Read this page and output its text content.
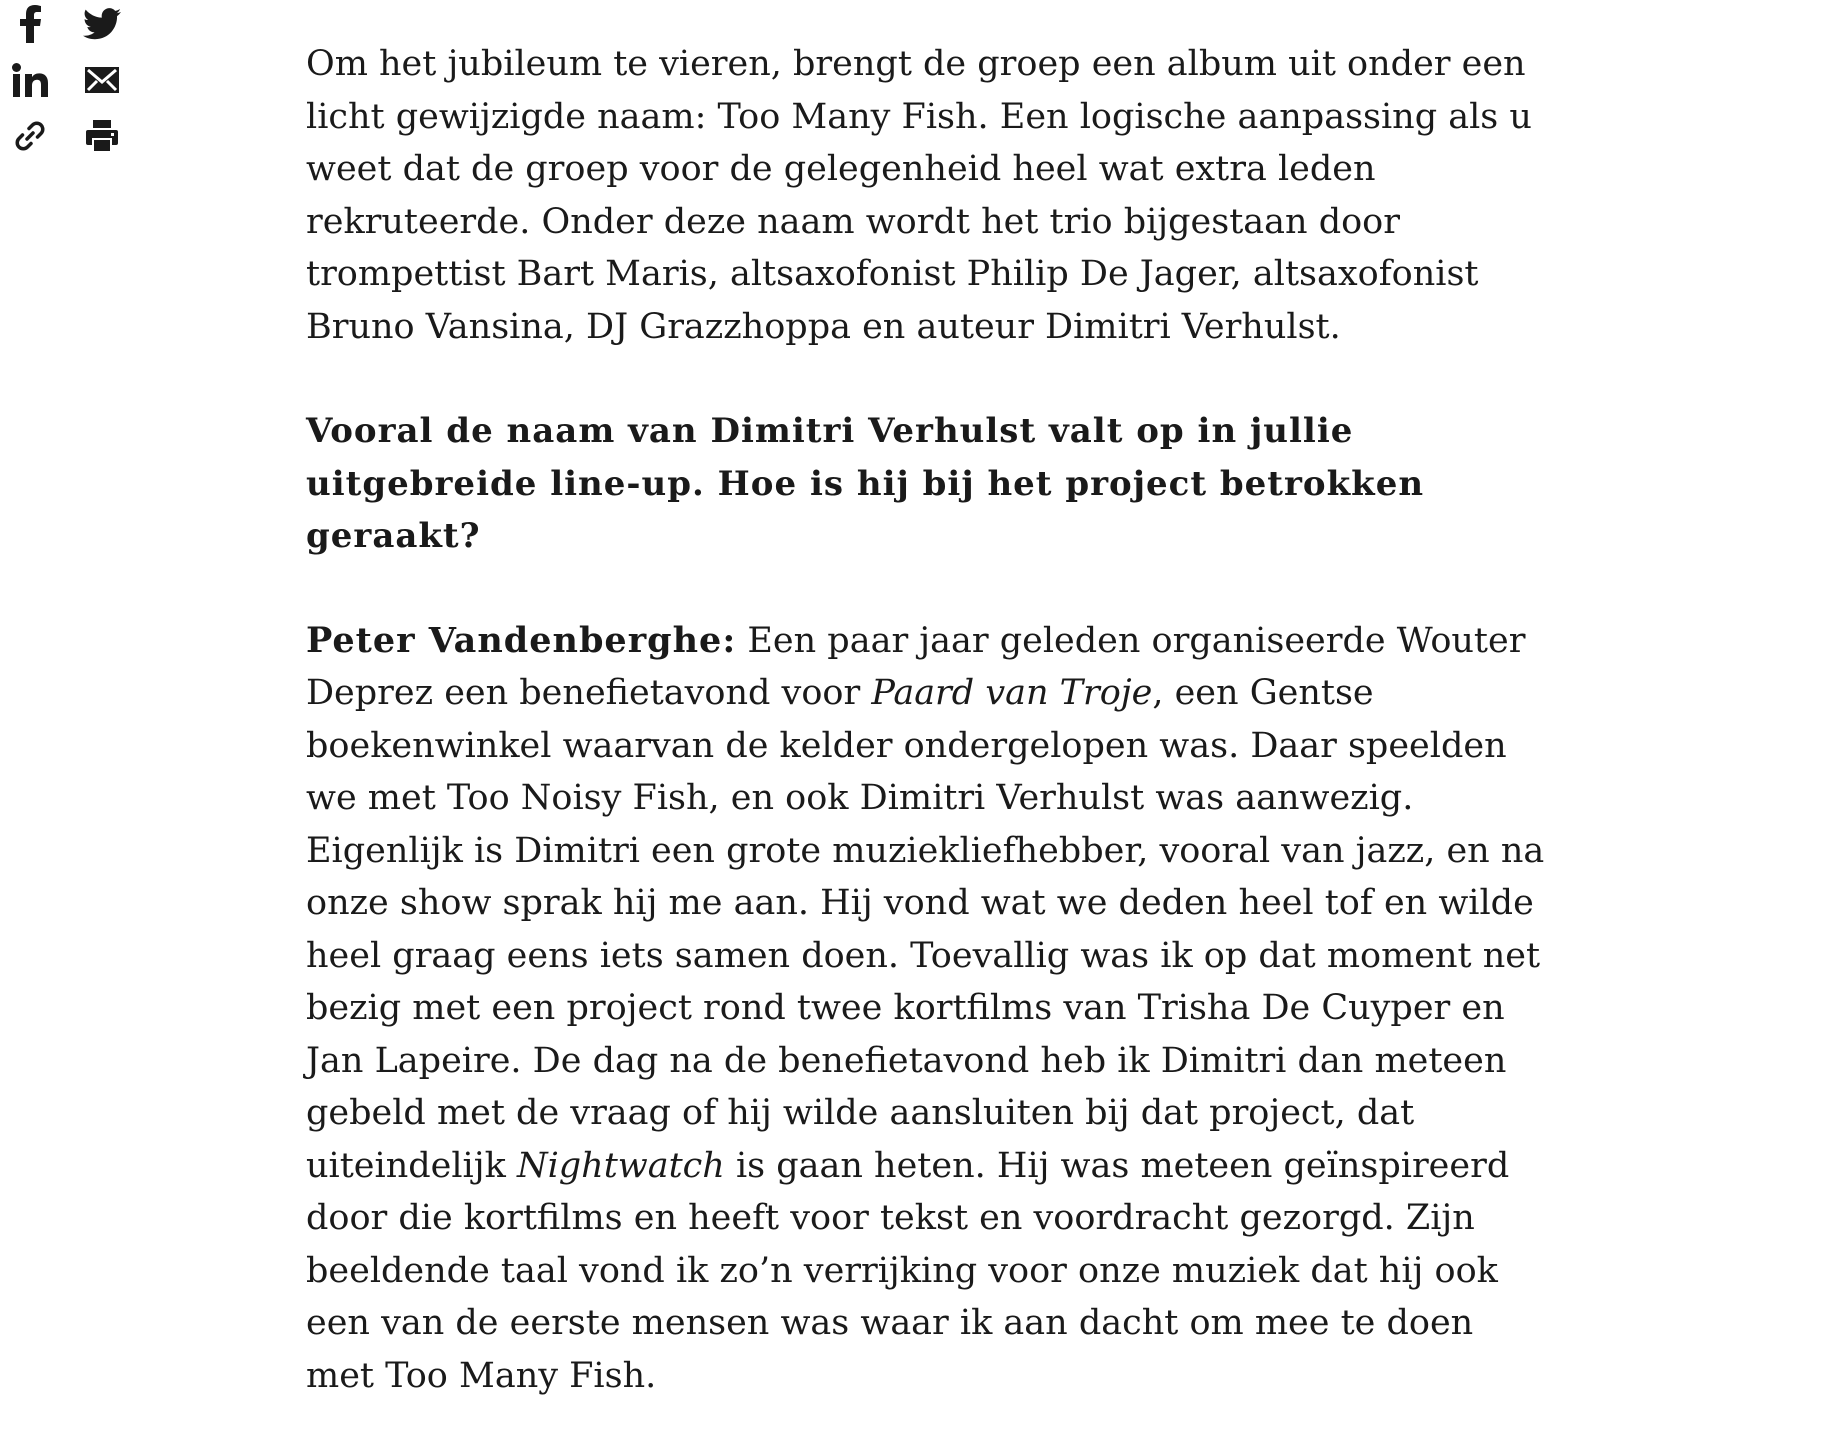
Om het jubileum te vieren, brengt de groep een album uit onder een licht gewijzigde naam: Too Many Fish. Een logische aanpassing als u weet dat de groep voor de gelegenheid heel wat extra leden rekruteerde. Onder deze naam wordt het trio bijgestaan door trompettist Bart Maris, altsaxofonist Philip De Jager, altsaxofonist Bruno Vansina, DJ Grazzhoppa en auteur Dimitri Verhulst.

Vooral de naam van Dimitri Verhulst valt op in jullie uitgebreide line-up. Hoe is hij bij het project betrokken geraakt?

Peter Vandenberghe: Een paar jaar geleden organiseerde Wouter Deprez een benefietavond voor Paard van Troje, een Gentse boekenwinkel waarvan de kelder ondergelopen was. Daar speelden we met Too Noisy Fish, en ook Dimitri Verhulst was aanwezig. Eigenlijk is Dimitri een grote muziekliefhebber, vooral van jazz, en na onze show sprak hij me aan. Hij vond wat we deden heel tof en wilde heel graag eens iets samen doen. Toevallig was ik op dat moment net bezig met een project rond twee kortfilms van Trisha De Cuyper en Jan Lapeire. De dag na de benefietavond heb ik Dimitri dan meteen gebeld met de vraag of hij wilde aansluiten bij dat project, dat uiteindelijk Nightwatch is gaan heten. Hij was meteen geïnspireerd door die kortfilms en heeft voor tekst en voordracht gezorgd. Zijn beeldende taal vond ik zo’n verrijking voor onze muziek dat hij ook een van de eerste mensen was waar ik aan dacht om mee te doen met Too Many Fish.
